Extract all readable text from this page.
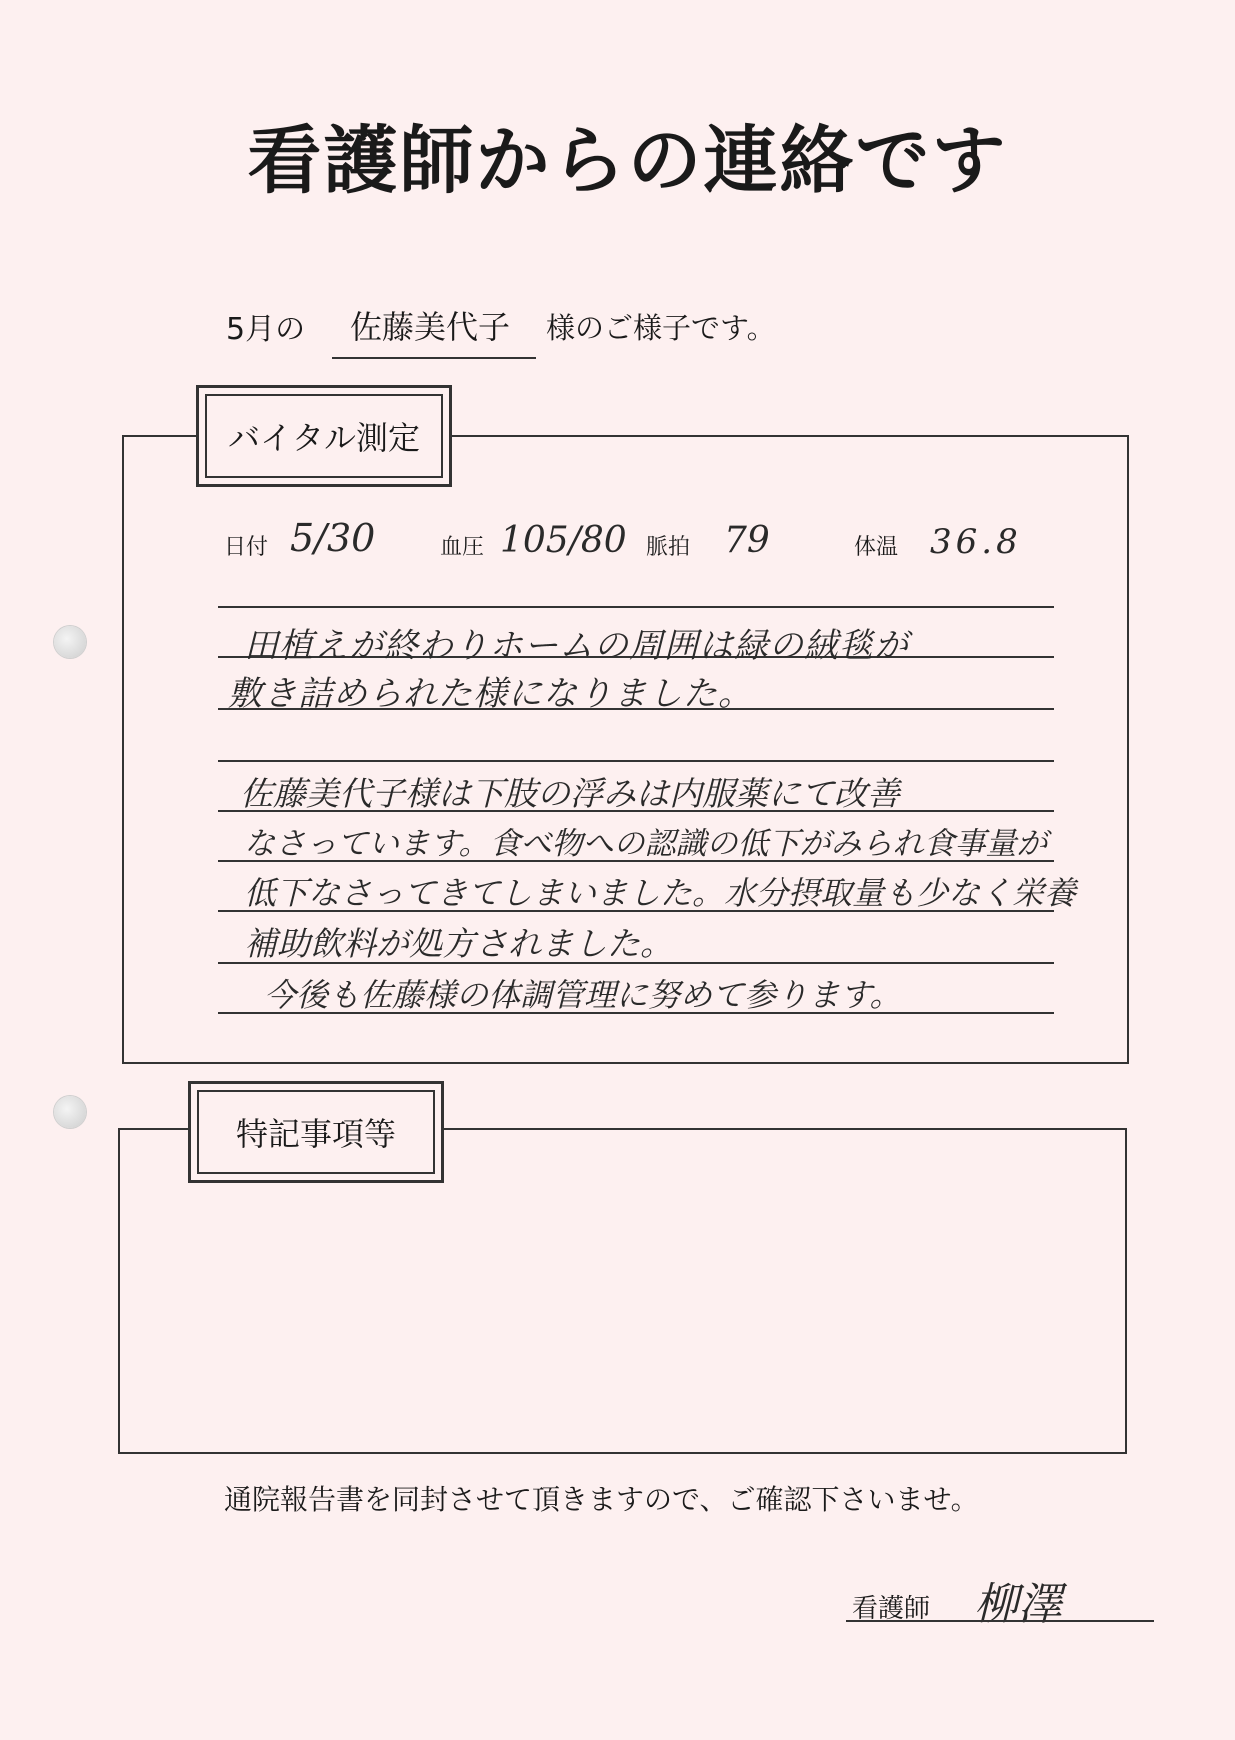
看護師からの連絡です
5月の 佐藤美代子 様のご様子です。
バイタル測定
日付 5/30	血圧 105/80 脈拍 79	体温 36.8
田植えが終わりホームの周囲は緑の絨毯が
敷き詰められた様になりました。
佐藤美代子様は下肢の浮みは内服薬にて改善
なさっています。食べ物への認識の低下がみられ食事量が
低下なさってきてしまいました。水分摂取量も少なく栄養
補助飲料が処方されました。
今後も佐藤様の体調管理に努めて参ります。
特記事項等
通院報告書を同封させて頂きますので、ご確認下さいませ。
看護師 柳澤
